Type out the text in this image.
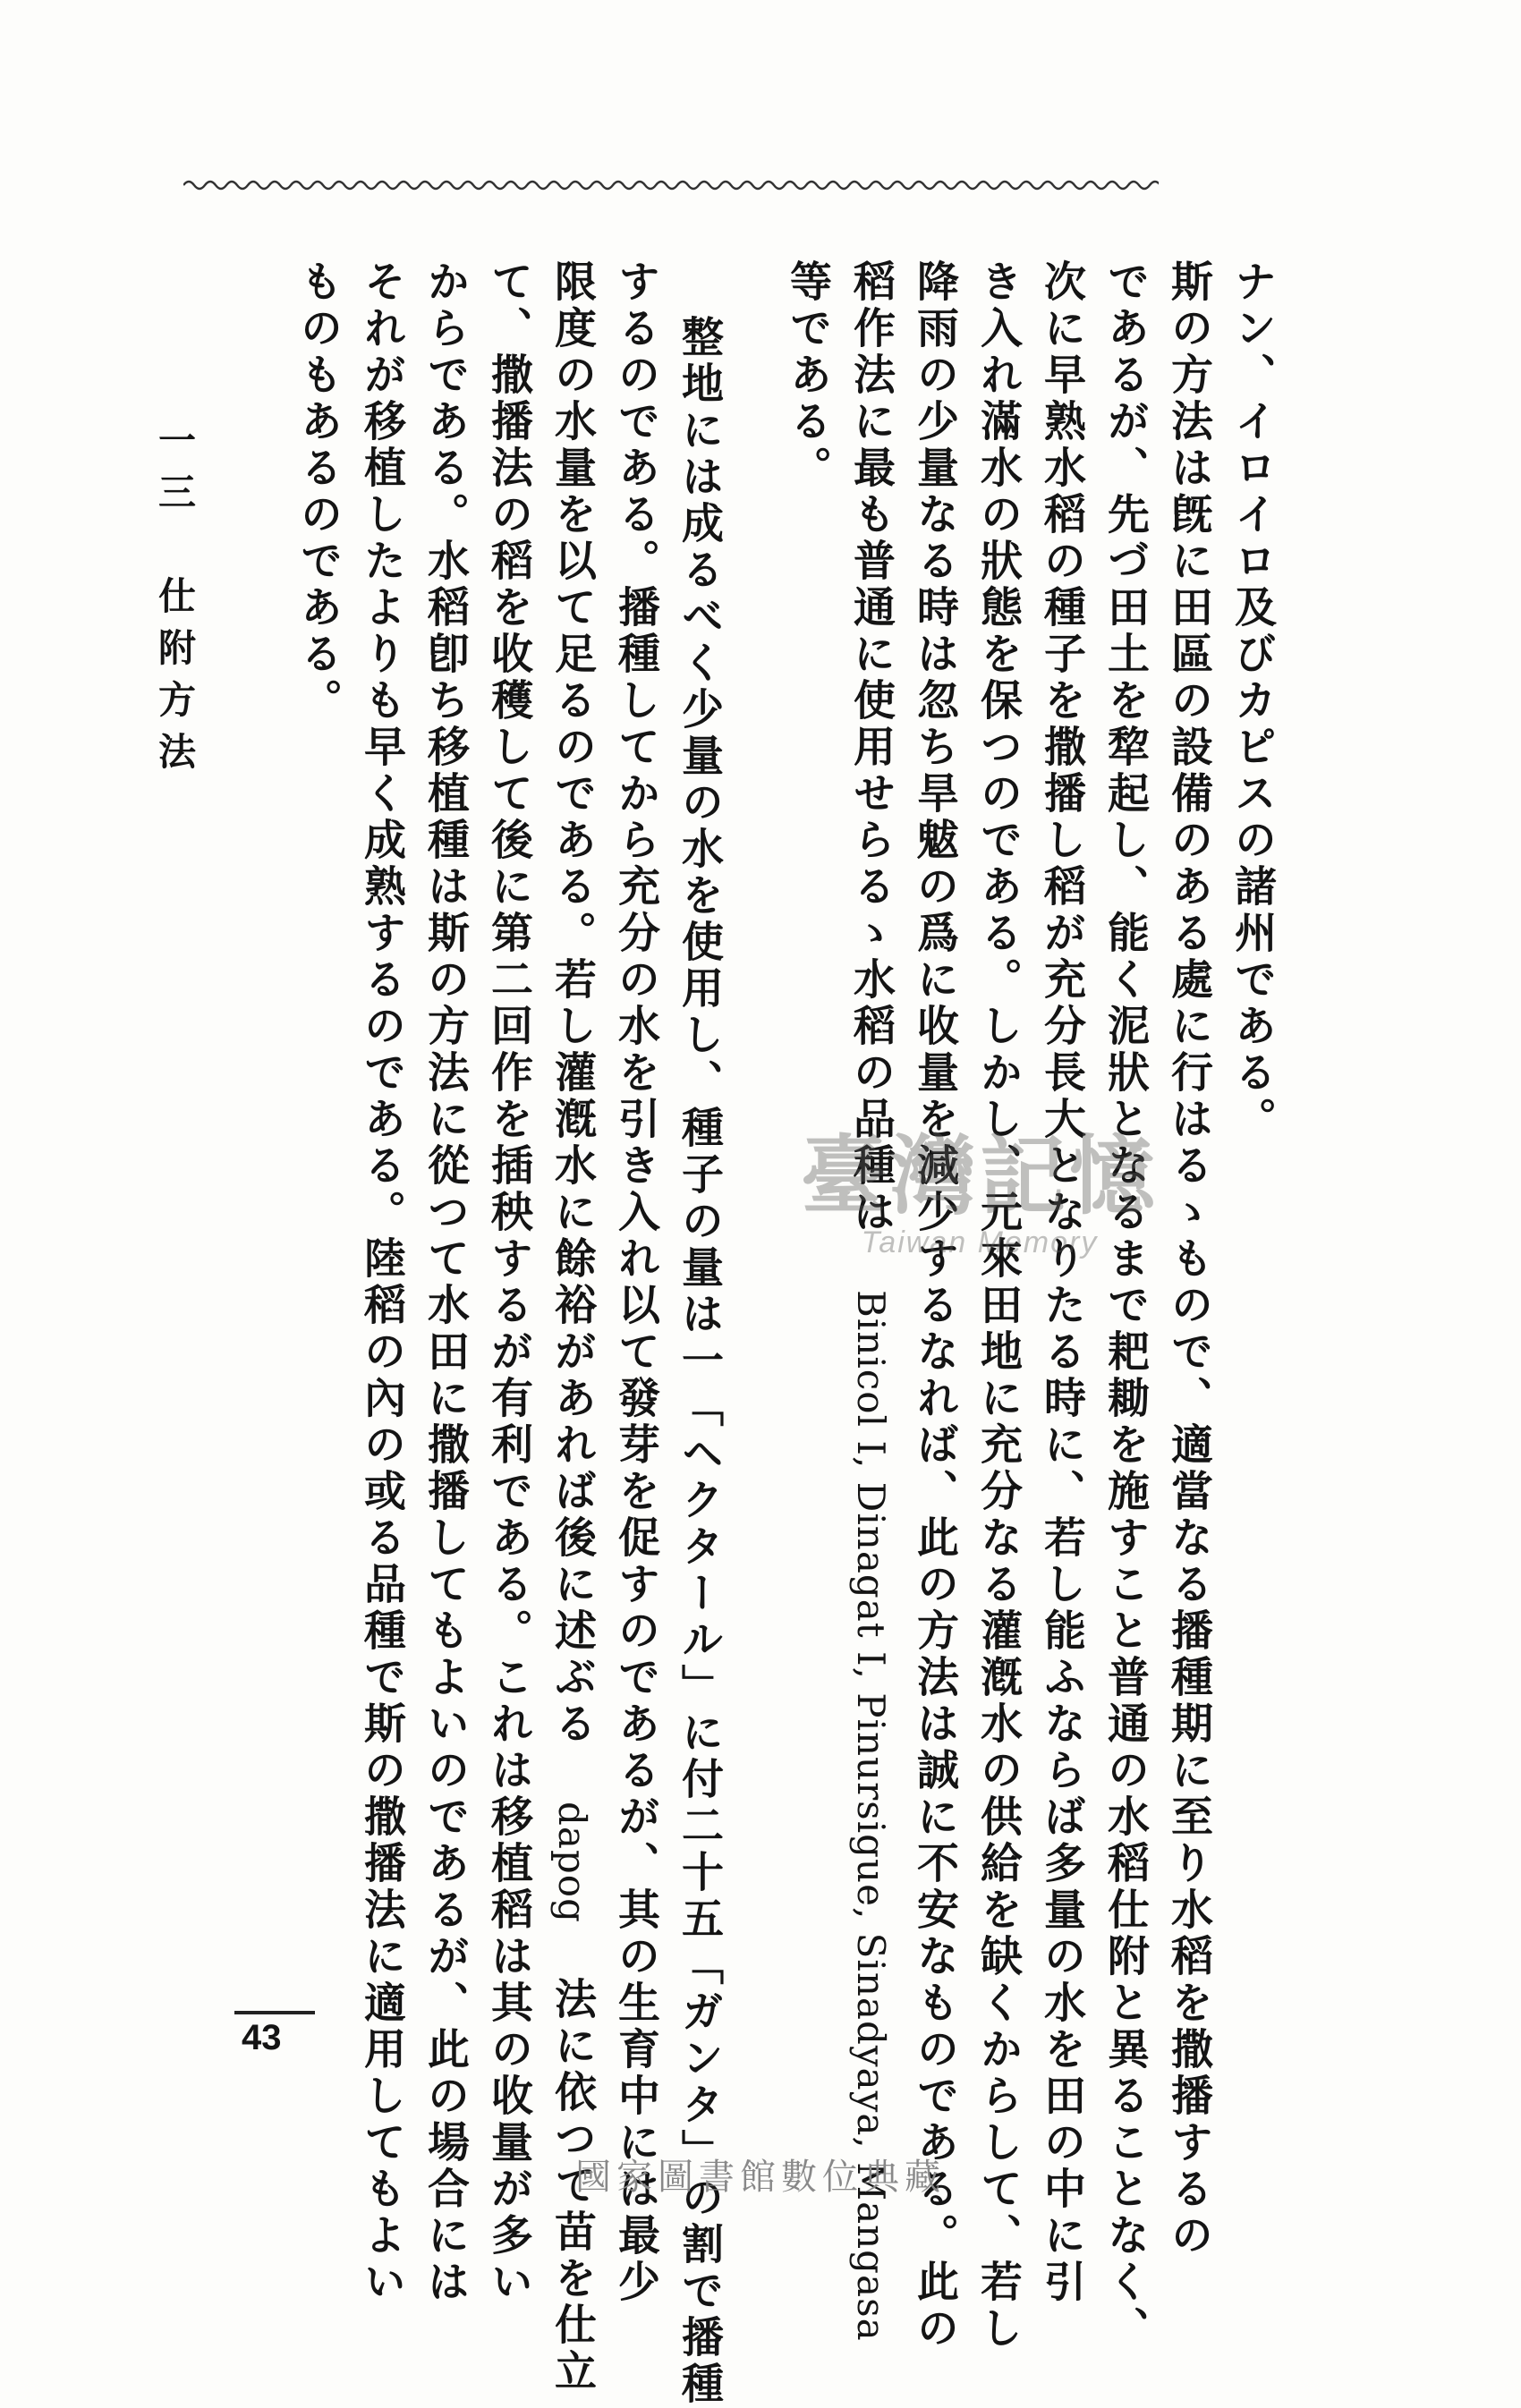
ナン、イロイロ及びカピスの諸州である。
斯の方法は旣に田區の設備のある處に行はるゝもので、適當なる播種期に至り水稻を撒播するの
であるが、先づ田土を犂起し、能く泥狀となるまで耙耡を施すこと普通の水稻仕附と異ることなく、
次に早熟水稻の種子を撒播し稻が充分長大となりたる時に、若し能ふならば多量の水を田の中に引
き入れ滿水の狀態を保つのである。しかし、元來田地に充分なる灌漑水の供給を缺くからして、若し
降雨の少量なる時は忽ち旱魃の爲に收量を減少するなれば、此の方法は誠に不安なものである。此の
稻作法に最も普通に使用せらるゝ水稻の品種は Binicol I, Dinagat I, Pinursigue, Sinadyaya, Mangasa
等である。
整地には成るべく少量の水を使用し、種子の量は一「ヘクタール」に付二十五「ガンタ」の割で播種
するのである。播種してから充分の水を引き入れ以て發芽を促すのであるが、其の生育中には最少
限度の水量を以て足るのである。若し灌漑水に餘裕があれば後に述ぶる dapog 法に依つて苗を仕立
て、撒播法の稻を收穫して後に第二回作を插秧するが有利である。これは移植稻は其の收量が多い
からである。水稻卽ち移植種は斯の方法に從つて水田に撒播してもよいのであるが、此の場合には
それが移植したよりも早く成熟するのである。陸稻の內の或る品種で斯の撒播法に適用してもよい
ものもあるのである。
一三　仕附方法
43
臺灣記憶
Taiwan Memory
國家圖書館數位典藏
